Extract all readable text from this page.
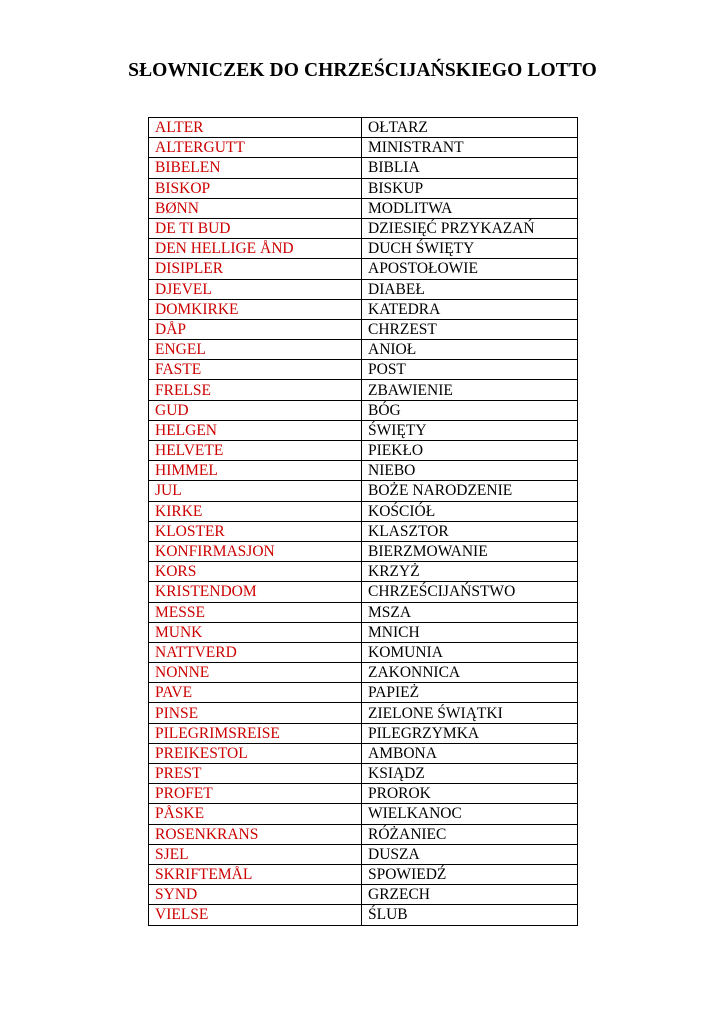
SŁOWNICZEK DO CHRZEŚCIJAŃSKIEGO LOTTO
ALTER	OŁTARZ
ALTERGUTT	MINISTRANT
BIBELEN	BIBLIA
BISKOP	BISKUP
BØNN	MODLITWA
DE TI BUD	DZIESIĘĆ PRZYKAZAŃ
DEN HELLIGE ÅND	DUCH ŚWIĘTY
DISIPLER	APOSTOŁOWIE
DJEVEL	DIABEŁ
DOMKIRKE	KATEDRA
DÅP	CHRZEST
ENGEL	ANIOŁ
FASTE	POST
FRELSE	ZBAWIENIE
GUD	BÓG
HELGEN	ŚWIĘTY
HELVETE	PIEKŁO
HIMMEL	NIEBO
JUL	BOŻE NARODZENIE
KIRKE	KOŚCIÓŁ
KLOSTER	KLASZTOR
KONFIRMASJON	BIERZMOWANIE
KORS	KRZYŻ
KRISTENDOM	CHRZEŚCIJAŃSTWO
MESSE	MSZA
MUNK	MNICH
NATTVERD	KOMUNIA
NONNE	ZAKONNICA
PAVE	PAPIEŻ
PINSE	ZIELONE ŚWIĄTKI
PILEGRIMSREISE	PILEGRZYMKA
PREIKESTOL	AMBONA
PREST	KSIĄDZ
PROFET	PROROK
PÅSKE	WIELKANOC
ROSENKRANS	RÓŻANIEC
SJEL	DUSZA
SKRIFTEMÅL	SPOWIEDŹ
SYND	GRZECH
VIELSE	ŚLUB
